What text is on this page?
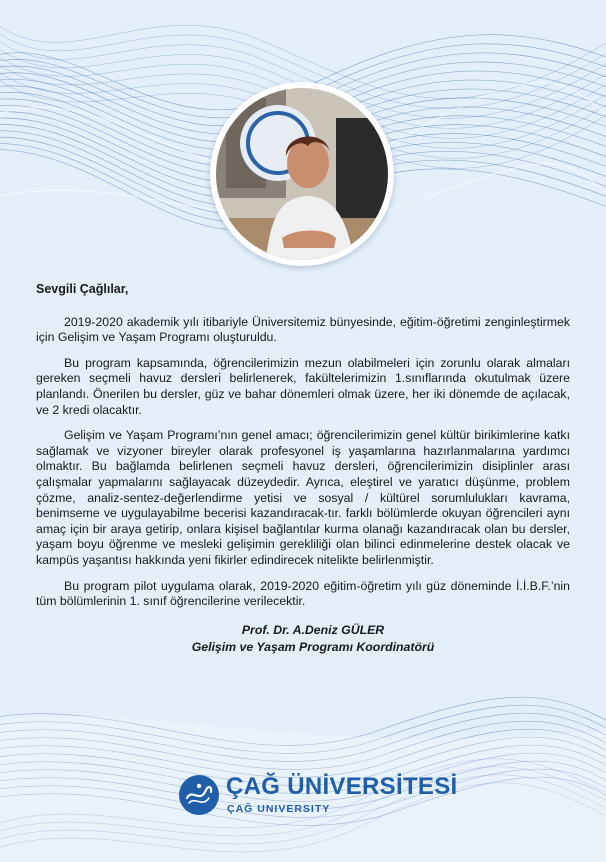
Sevgili Çağlılar,

2019-2020 akademik yılı itibariyle Üniversitemiz bünyesinde, eğitim-öğretimi zenginleştirmek için Gelişim ve Yaşam Programı oluşturuldu.

Bu program kapsamında, öğrencilerimizin mezun olabilmeleri için zorunlu olarak almaları gereken seçmeli havuz dersleri belirlenerek, fakültelerimizin 1.sınıflarında okutulmak üzere planlandı. Önerilen bu dersler, güz ve bahar dönemleri olmak üzere, her iki dönemde de açılacak, ve 2 kredi olacaktır.

Gelişim ve Yaşam Programı’nın genel amacı; öğrencilerimizin genel kültür birikimlerine katkı sağlamak ve vizyoner bireyler olarak profesyonel iş yaşamlarına hazırlanmalarına yardımcı olmaktır. Bu bağlamda belirlenen seçmeli havuz dersleri, öğrencilerimizin disiplinler arası çalışmalar yapmalarını sağlayacak düzeydedir. Ayrıca, eleştirel ve yaratıcı düşünme, problem çözme, analiz-sentez-değerlendirme yetisi ve sosyal / kültürel sorumlulukları kavrama, benimseme ve uygulayabilme becerisi kazandıracak-tır. farklı bölümlerde okuyan öğrencileri aynı amaç için bir araya getirip, onlara kişisel bağlantılar kurma olanağı kazandıracak olan bu dersler, yaşam boyu öğrenme ve mesleki gelişimin gerekliliği olan bilinci edinmelerine destek olacak ve kampüs yaşantısı hakkında yeni fikirler edindirecek nitelikte belirlenmiştir.

Bu program pilot uygulama olarak, 2019-2020 eğitim-öğretim yılı güz döneminde İ.İ.B.F.’nin tüm bölümlerinin 1. sınıf öğrencilerine verilecektir.

Prof. Dr. A.Deniz GÜLER
Gelişim ve Yaşam Programı Koordinatörü
ÇAĞ ÜNİVERSİTESİ
ÇAĞ UNIVERSITY
